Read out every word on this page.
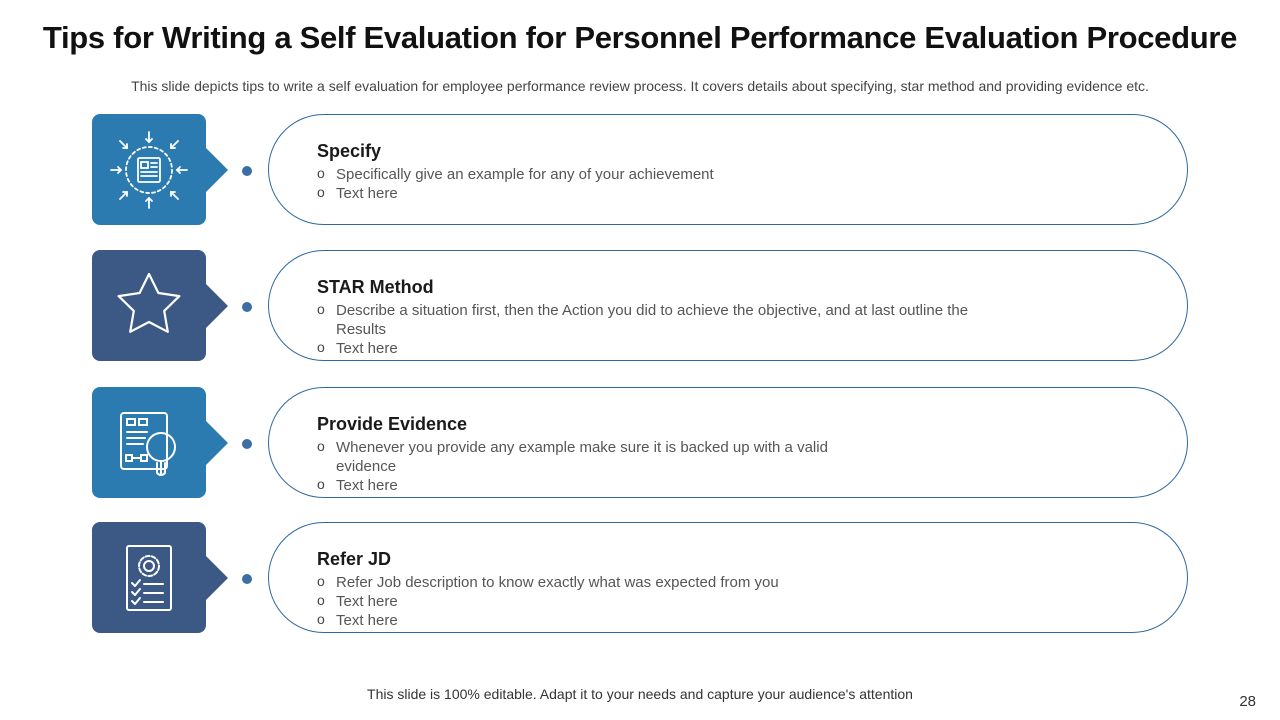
Tips for Writing a Self Evaluation for Personnel Performance Evaluation Procedure
This slide depicts tips to write a self evaluation for employee performance review process. It covers details about specifying, star method and providing evidence etc.
Specify
o Specifically give an example for any of your achievement
o Text here
STAR Method
o Describe a situation first, then the Action you did to achieve the objective, and at last outline the Results
o Text here
Provide Evidence
o Whenever you provide any example make sure it is backed up with a valid evidence
o Text here
Refer JD
o Refer Job description to know exactly what was expected from you
o Text here
o Text here
This slide is 100% editable. Adapt it to your needs and capture your audience's attention	28
